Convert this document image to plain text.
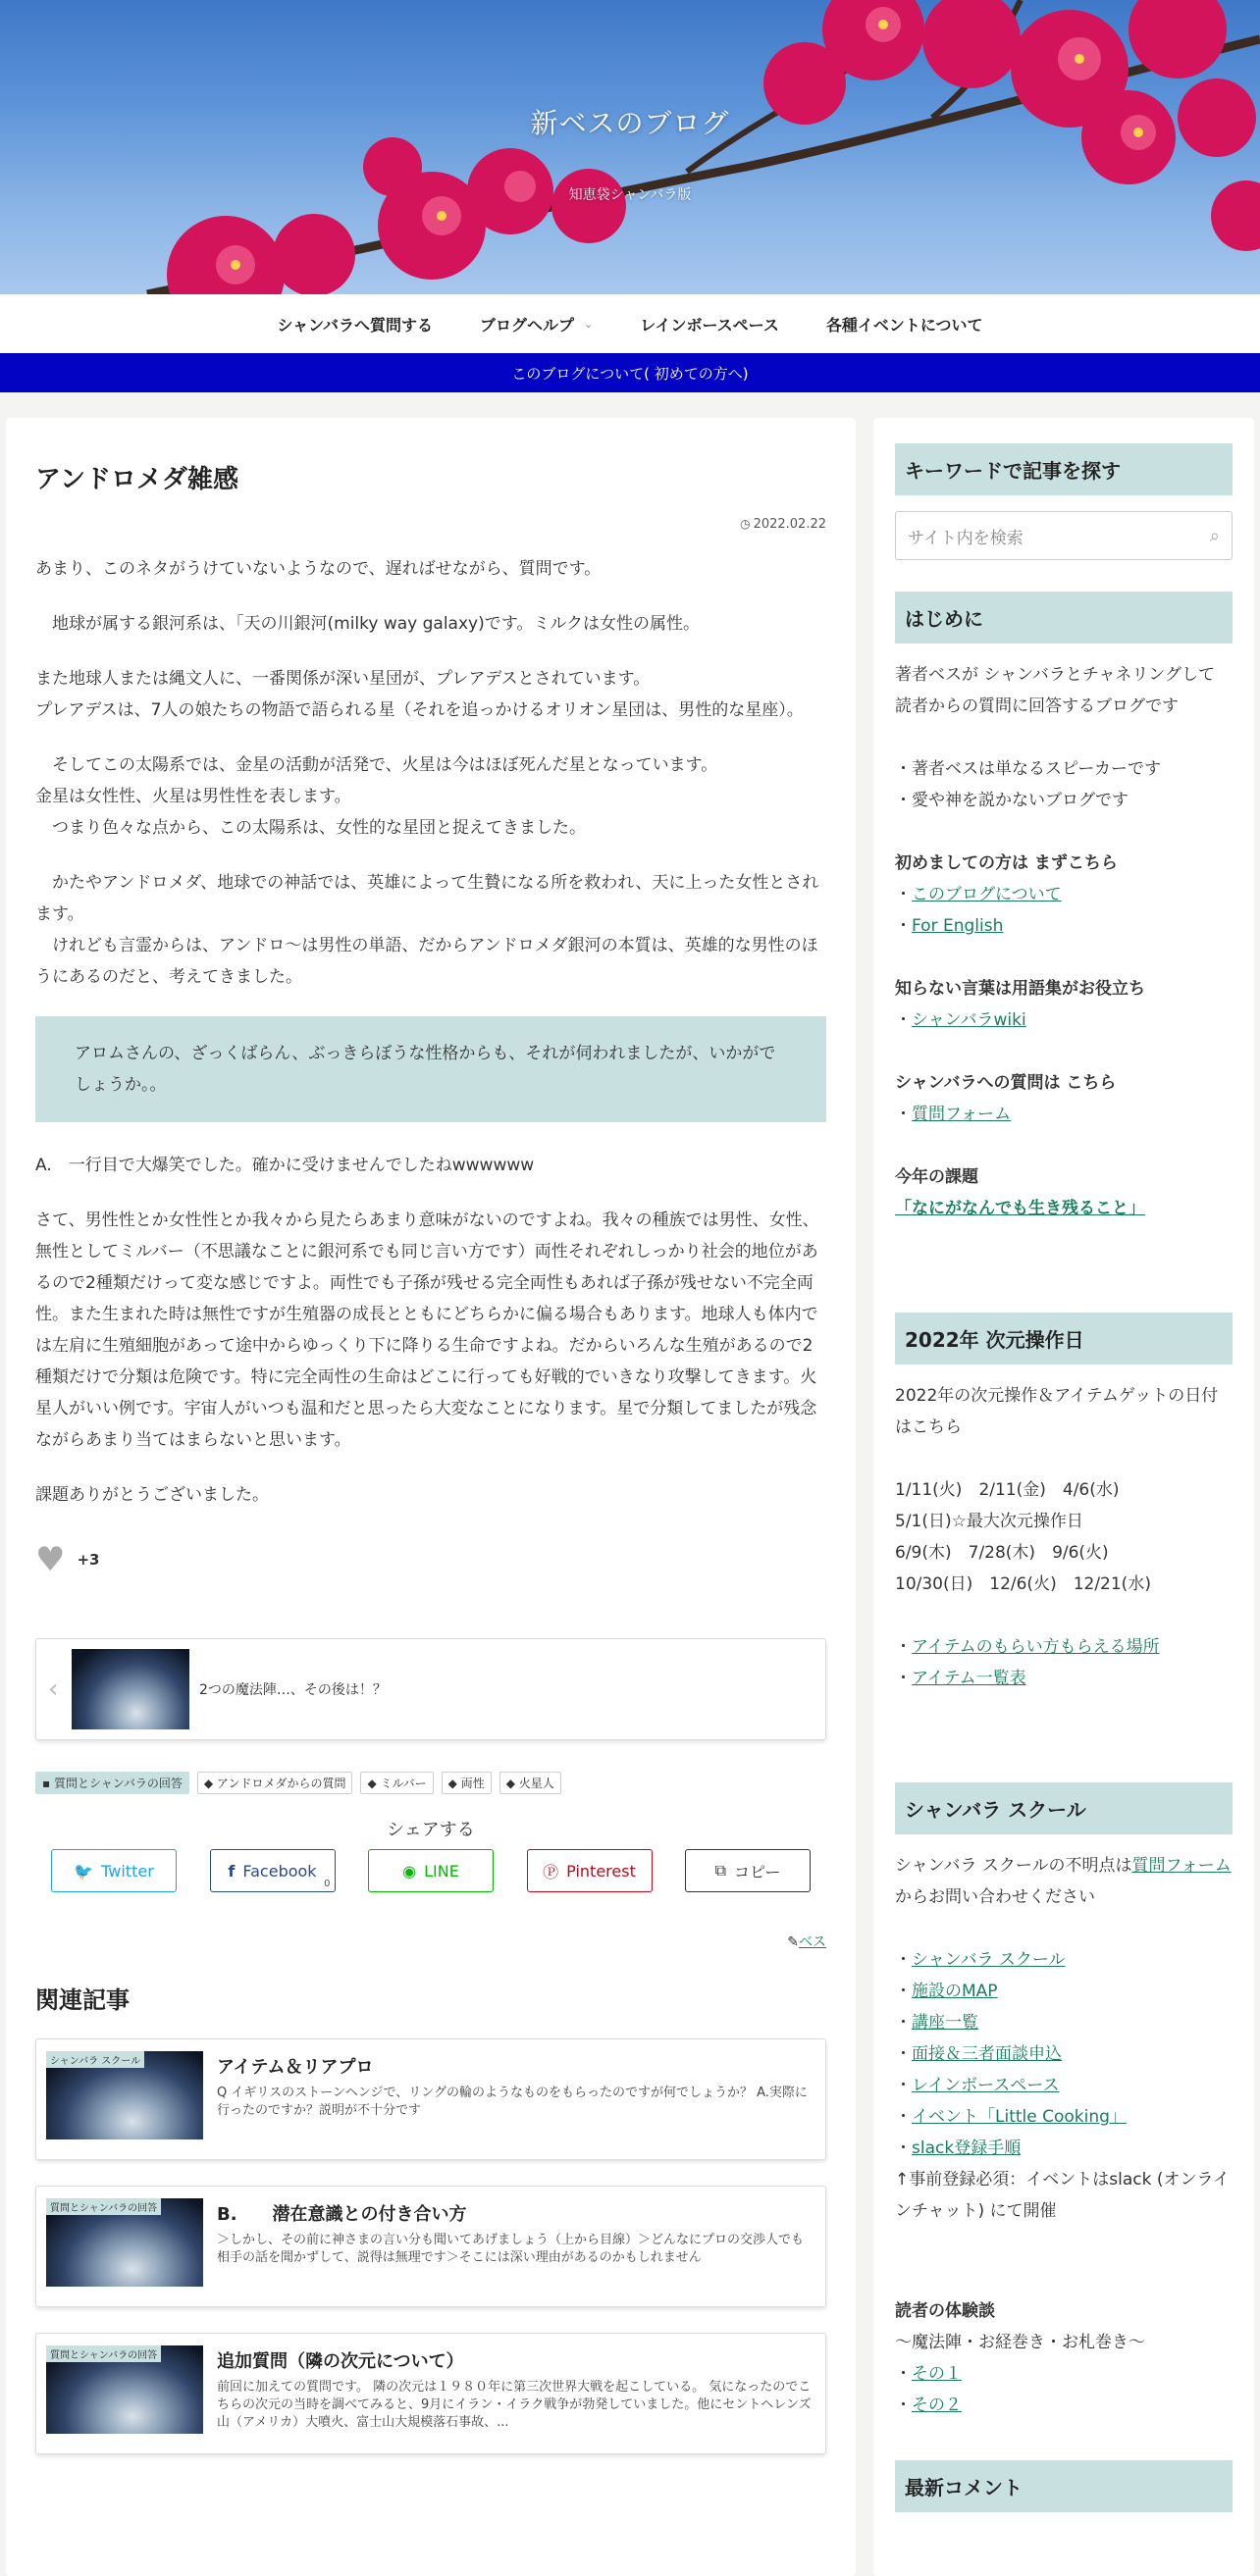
新ベスのブログ
知恵袋シャンバラ版
シャンバラへ質問する	ブログヘルプ ⌄	レインボースペース	各種イベントについて
このブログについて( 初めての方へ)
アンドロメダ雑感
◷ 2022.02.22

あまり、このネタがうけていないようなので、遅ればせながら、質問です。

　地球が属する銀河系は、「天の川銀河(milky way galaxy)です。ミルクは女性の属性。

また地球人または縄文人に、一番関係が深い星団が、プレアデスとされています。
プレアデスは、7人の娘たちの物語で語られる星（それを追っかけるオリオン星団は、男性的な星座）。

　そしてこの太陽系では、金星の活動が活発で、火星は今はほぼ死んだ星となっています。
金星は女性性、火星は男性性を表します。
　つまり色々な点から、この太陽系は、女性的な星団と捉えてきました。

　かたやアンドロメダ、地球での神話では、英雄によって生贄になる所を救われ、天に上った女性とされます。
　けれども言霊からは、アンドロ〜は男性の単語、だからアンドロメダ銀河の本質は、英雄的な男性のほうにあるのだと、考えてきました。

アロムさんの、ざっくばらん、ぶっきらぼうな性格からも、それが伺われましたが、いかがでしょうか。。

A.　一行目で大爆笑でした。確かに受けませんでしたねwwwwww

さて、男性性とか女性性とか我々から見たらあまり意味がないのですよね。我々の種族では男性、女性、無性としてミルバー（不思議なことに銀河系でも同じ言い方です）両性それぞれしっかり社会的地位があるので2種類だけって変な感じですよ。両性でも子孫が残せる完全両性もあれば子孫が残せない不完全両性。また生まれた時は無性ですが生殖器の成長とともにどちらかに偏る場合もあります。地球人も体内では左肩に生殖細胞があって途中からゆっくり下に降りる生命ですよね。だからいろんな生殖があるので2種類だけで分類は危険です。特に完全両性の生命はどこに行っても好戦的でいきなり攻撃してきます。火星人がいい例です。宇宙人がいつも温和だと思ったら大変なことになります。星で分類してましたが残念ながらあまり当てはまらないと思います。

課題ありがとうございました。

♥ +3
‹	2つの魔法陣…、その後は！？
▪ 質問とシャンバラの回答	◆ アンドロメダからの質問	◆ ミルバー	◆ 両性	◆ 火星人
シェアする
🐦 Twitter	f Facebook
0
◉ LINE	Ⓟ Pinterest	⧉ コピー
✎ベス
関連記事
シャンバラ スクール	アイテム＆リアプロ
Q イギリスのストーンヘンジで、リングの輪のようなものをもらったのですが何でしょうか？ A.実際に行ったのですか？説明が不十分です
質問とシャンバラの回答	B.　　潜在意識との付き合い方
＞しかし、その前に神さまの言い分も聞いてあげましょう（上から目線）＞どんなにプロの交渉人でも相手の話を聞かずして、説得は無理です＞そこには深い理由があるのかもしれません
質問とシャンバラの回答	追加質問（隣の次元について）
前回に加えての質問です。 隣の次元は１９８０年に第三次世界大戦を起こしている。 気になったのでこちらの次元の当時を調べてみると、9月にイラン・イラク戦争が勃発していました。他にセントヘレンズ山（アメリカ）大噴火、富士山大規模落石事故、...
キーワードで記事を探す
サイト内を検索	⌕
はじめに

著者ベスが シャンバラとチャネリングして 読者からの質問に回答するブログです

・著者ベスは単なるスピーカーです

・愛や神を説かないブログです

初めましての方は まずこちら

・このブログについて

・For English

知らない言葉は用語集がお役立ち

・シャンバラwiki

シャンバラへの質問は こちら

・質問フォーム

今年の課題

「なにがなんでも生き残ること」

2022年 次元操作日

2022年の次元操作＆アイテムゲットの日付はこちら

1/11(火)　2/11(金)　4/6(水)

5/1(日)☆最大次元操作日

6/9(木)　7/28(木)　9/6(火)

10/30(日)　12/6(火)　12/21(水)

・アイテムのもらい方もらえる場所

・アイテム一覧表

シャンバラ スクール

シャンバラ スクールの不明点は質問フォームからお問い合わせください

・シャンバラ スクール

・施設のMAP

・講座一覧

・面接＆三者面談申込

・レインボースペース

・イベント「Little Cooking」

・slack登録手順

↑事前登録必須：イベントはslack (オンラインチャット) にて開催

読者の体験談

〜魔法陣・お経巻き・お札巻き〜

・その１

・その２

最新コメント
